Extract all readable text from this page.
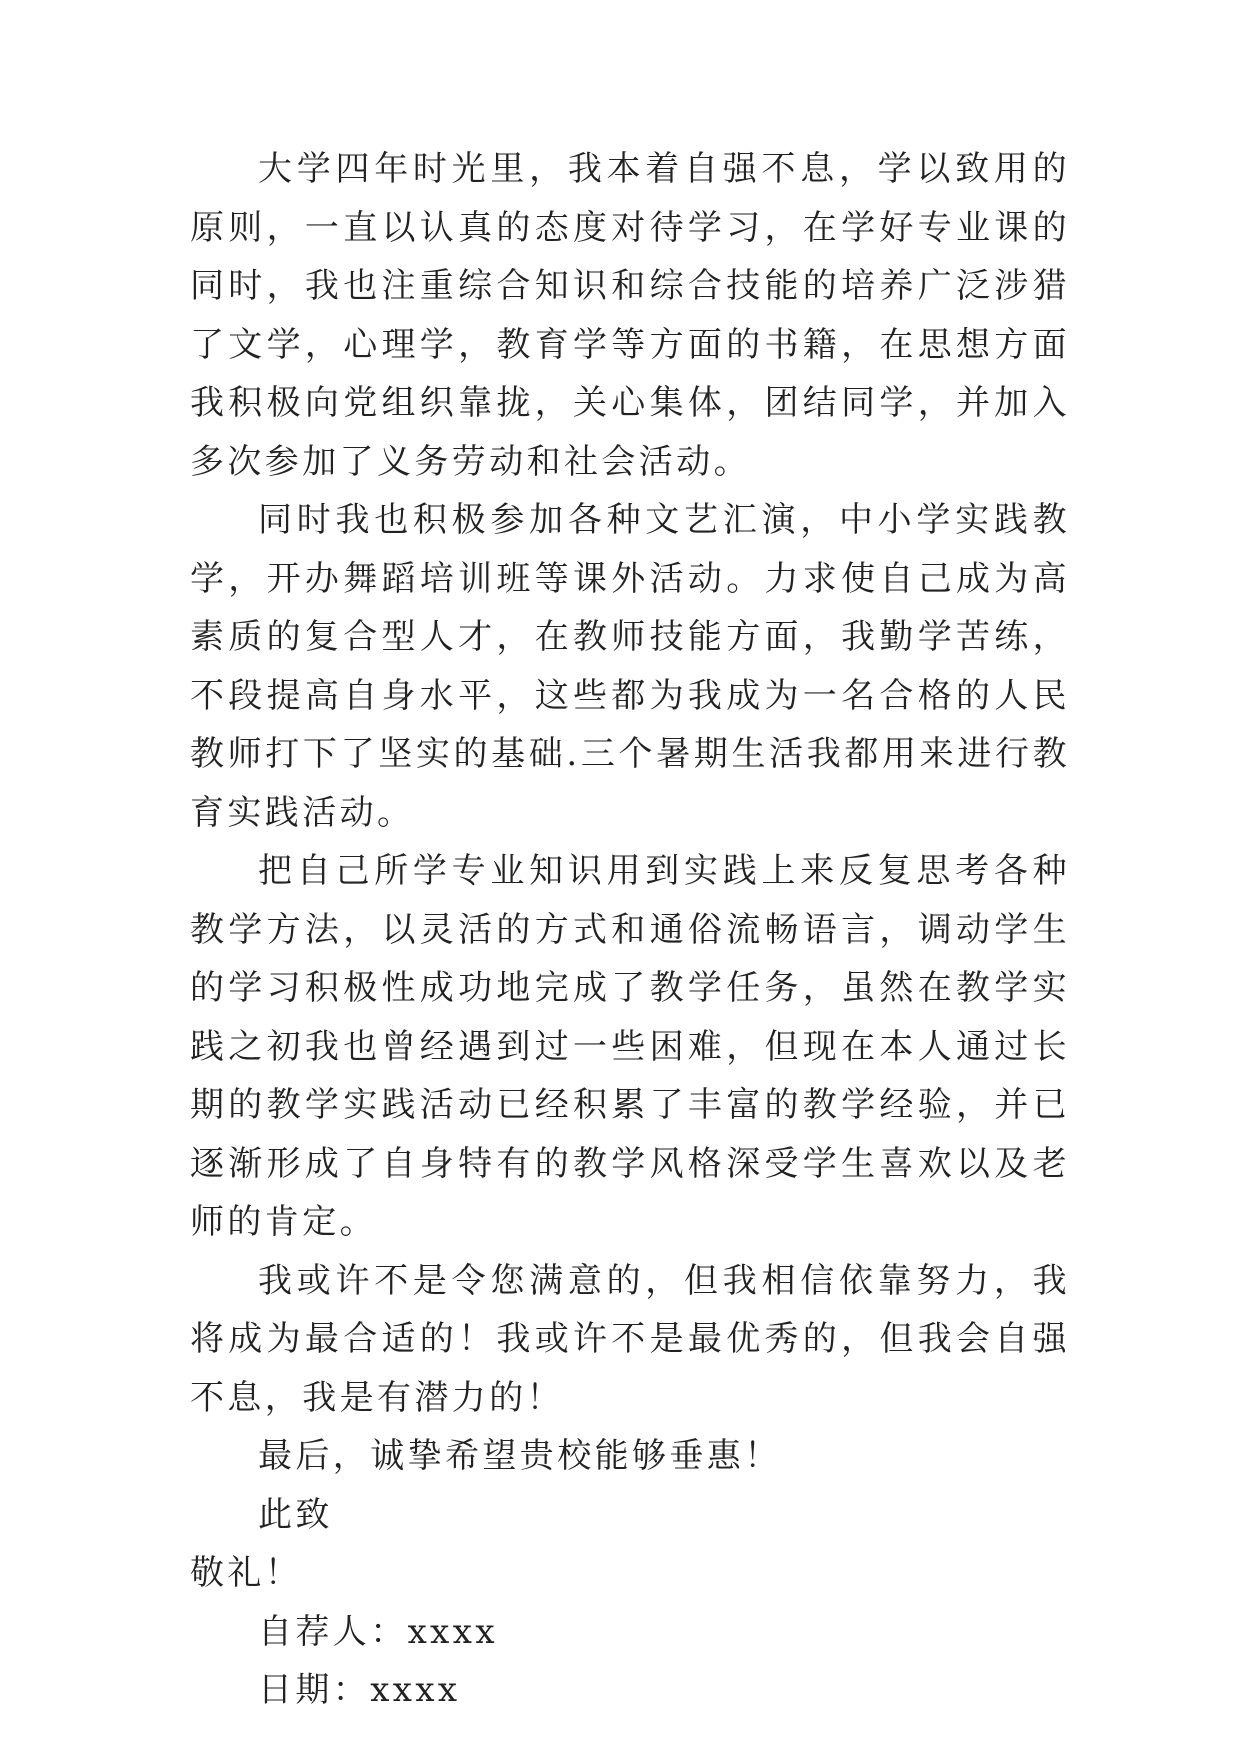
大学四年时光里，我本着自强不息，学以致用的原则，一直以认真的态度对待学习，在学好专业课的同时，我也注重综合知识和综合技能的培养广泛涉猎了文学，心理学，教育学等方面的书籍，在思想方面我积极向党组织靠拢，关心集体，团结同学，并加入多次参加了义务劳动和社会活动。

同时我也积极参加各种文艺汇演，中小学实践教学，开办舞蹈培训班等课外活动。力求使自己成为高素质的复合型人才，在教师技能方面，我勤学苦练，不段提高自身水平，这些都为我成为一名合格的人民教师打下了坚实的基础.三个暑期生活我都用来进行教育实践活动。

把自己所学专业知识用到实践上来反复思考各种教学方法，以灵活的方式和通俗流畅语言，调动学生的学习积极性成功地完成了教学任务，虽然在教学实践之初我也曾经遇到过一些困难，但现在本人通过长期的教学实践活动已经积累了丰富的教学经验，并已逐渐形成了自身特有的教学风格深受学生喜欢以及老师的肯定。

我或许不是令您满意的，但我相信依靠努力，我将成为最合适的！我或许不是最优秀的，但我会自强不息，我是有潜力的！

最后，诚挚希望贵校能够垂惠！

此致

敬礼！

自荐人：xxxx

日期：xxxx
